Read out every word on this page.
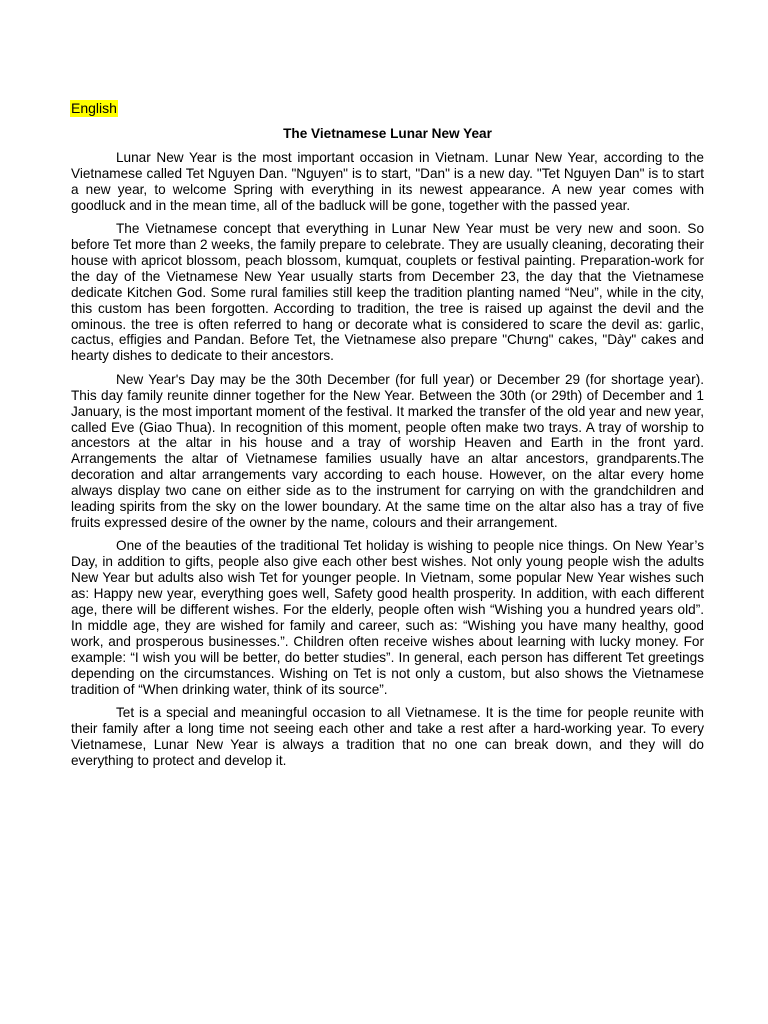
English
The Vietnamese Lunar New Year

Lunar New Year is the most important occasion in Vietnam. Lunar New Year, according to the Vietnamese called Tet Nguyen Dan. "Nguyen" is to start, "Dan" is a new day. "Tet Nguyen Dan" is to start a new year, to welcome Spring with everything in its newest appearance. A new year comes with goodluck and in the mean time, all of the badluck will be gone, together with the passed year.

The Vietnamese concept that everything in Lunar New Year must be very new and soon. So before Tet more than 2 weeks, the family prepare to celebrate. They are usually cleaning, decorating their house with apricot blossom, peach blossom, kumquat, couplets or festival painting. Preparation-work for the day of the Vietnamese New Year usually starts from December 23, the day that the Vietnamese dedicate Kitchen God. Some rural families still keep the tradition planting named “Neu”, while in the city, this custom has been forgotten. According to tradition, the tree is raised up against the devil and the ominous. the tree is often referred to hang or decorate what is considered to scare the devil as: garlic, cactus, effigies and Pandan. Before Tet, the Vietnamese also prepare "Chưng" cakes, "Dày" cakes and hearty dishes to dedicate to their ancestors.

New Year's Day may be the 30th December (for full year) or December 29 (for shortage year). This day family reunite dinner together for the New Year. Between the 30th (or 29th) of December and 1 January, is the most important moment of the festival. It marked the transfer of the old year and new year, called Eve (Giao Thua). In recognition of this moment, people often make two trays. A tray of worship to ancestors at the altar in his house and a tray of worship Heaven and Earth in the front yard. Arrangements the altar of Vietnamese families usually have an altar ancestors, grandparents.The decoration and altar arrangements vary according to each house. However, on the altar every home always display two cane on either side as to the instrument for carrying on with the grandchildren and leading spirits from the sky on the lower boundary. At the same time on the altar also has a tray of five fruits expressed desire of the owner by the name, colours and their arrangement.

One of the beauties of the traditional Tet holiday is wishing to people nice things. On New Year’s Day, in addition to gifts, people also give each other best wishes. Not only young people wish the adults New Year but adults also wish Tet for younger people. In Vietnam, some popular New Year wishes such as: Happy new year, everything goes well, Safety good health prosperity. In addition, with each different age, there will be different wishes. For the elderly, people often wish “Wishing you a hundred years old”. In middle age, they are wished for family and career, such as: “Wishing you have many healthy, good work, and prosperous businesses.”. Children often receive wishes about learning with lucky money. For example: “I wish you will be better, do better studies”. In general, each person has different Tet greetings depending on the circumstances. Wishing on Tet is not only a custom, but also shows the Vietnamese tradition of “When drinking water, think of its source”.

Tet is a special and meaningful occasion to all Vietnamese. It is the time for people reunite with their family after a long time not seeing each other and take a rest after a hard-working year. To every Vietnamese, Lunar New Year is always a tradition that no one can break down, and they will do everything to protect and develop it.
